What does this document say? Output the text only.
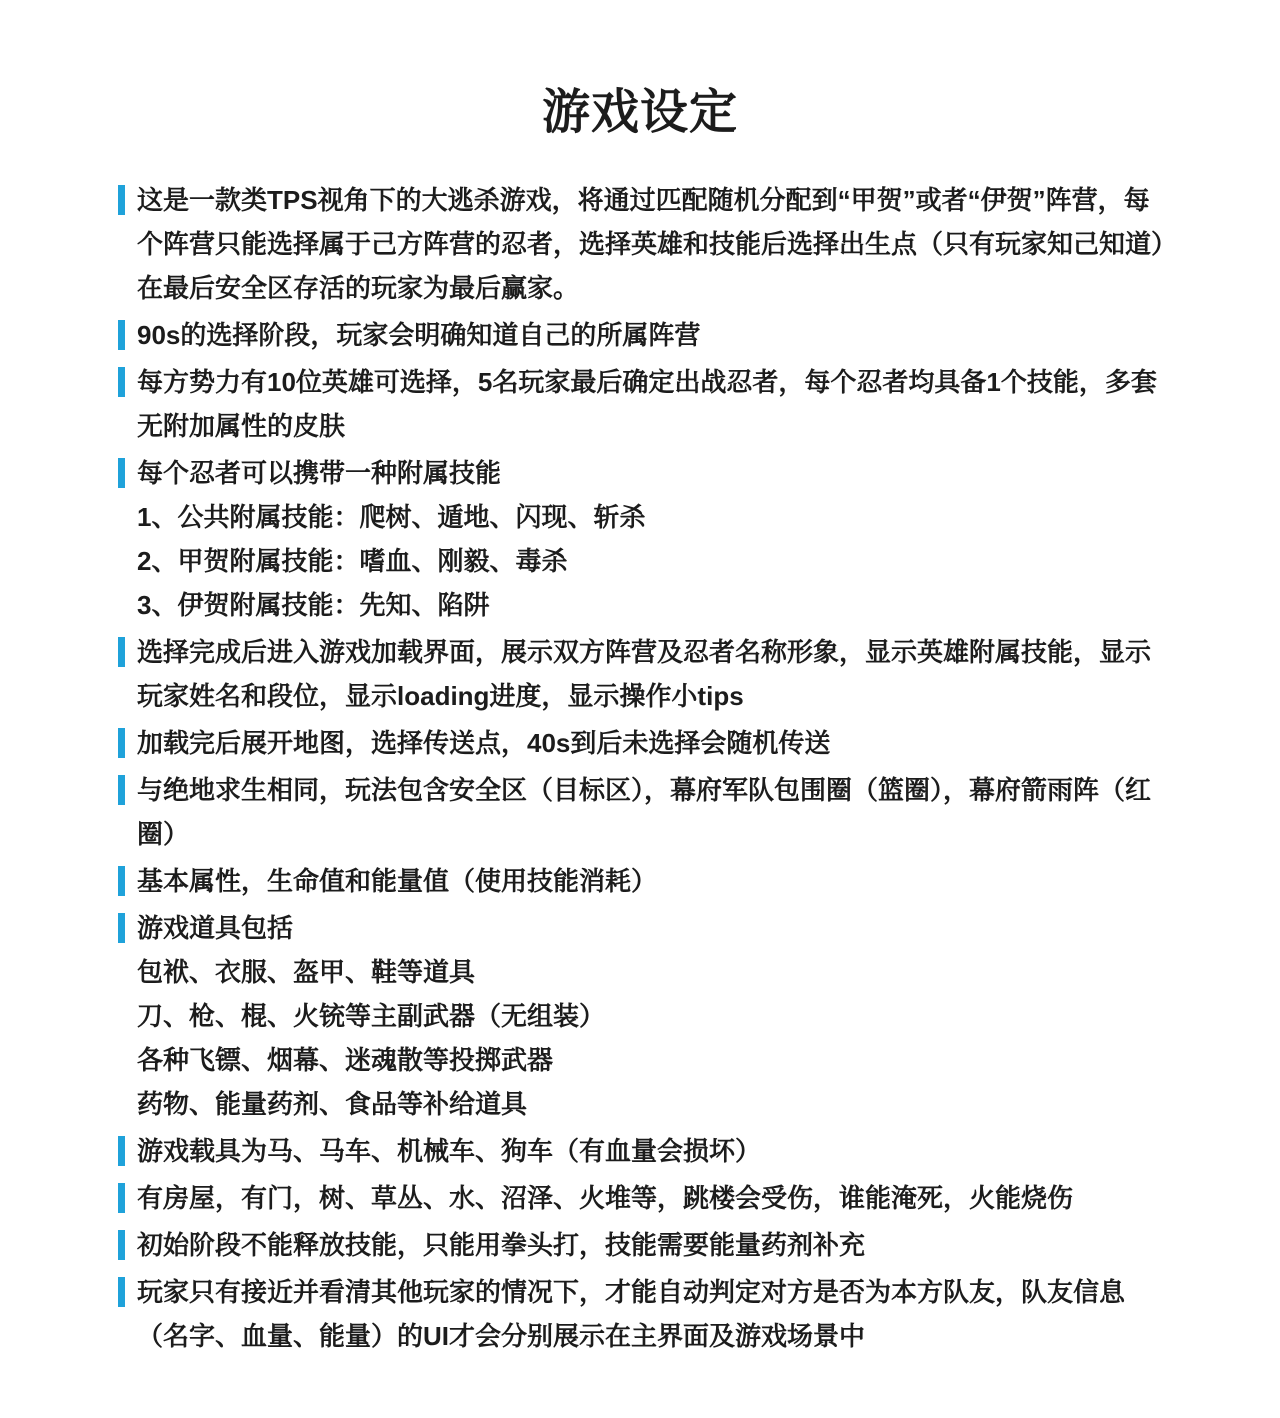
游戏设定

这是一款类TPS视角下的大逃杀游戏，将通过匹配随机分配到“甲贺”或者“伊贺”阵营，每个阵营只能选择属于己方阵营的忍者，选择英雄和技能后选择出生点（只有玩家知己知道）在最后安全区存活的玩家为最后赢家。

90s的选择阶段，玩家会明确知道自己的所属阵营

每方势力有10位英雄可选择，5名玩家最后确定出战忍者，每个忍者均具备1个技能，多套无附加属性的皮肤

每个忍者可以携带一种附属技能

1、公共附属技能：爬树、遁地、闪现、斩杀

2、甲贺附属技能：嗜血、刚毅、毒杀

3、伊贺附属技能：先知、陷阱

选择完成后进入游戏加载界面，展示双方阵营及忍者名称形象，显示英雄附属技能，显示玩家姓名和段位，显示loading进度，显示操作小tips

加载完后展开地图，选择传送点，40s到后未选择会随机传送

与绝地求生相同，玩法包含安全区（目标区），幕府军队包围圈（篮圈），幕府箭雨阵（红圈）

基本属性，生命值和能量值（使用技能消耗）

游戏道具包括

包袱、衣服、盔甲、鞋等道具

刀、枪、棍、火铳等主副武器（无组装）

各种飞镖、烟幕、迷魂散等投掷武器

药物、能量药剂、食品等补给道具

游戏载具为马、马车、机械车、狗车（有血量会损坏）

有房屋，有门，树、草丛、水、沼泽、火堆等，跳楼会受伤，谁能淹死，火能烧伤

初始阶段不能释放技能，只能用拳头打，技能需要能量药剂补充

玩家只有接近并看清其他玩家的情况下，才能自动判定对方是否为本方队友，队友信息（名字、血量、能量）的UI才会分别展示在主界面及游戏场景中
